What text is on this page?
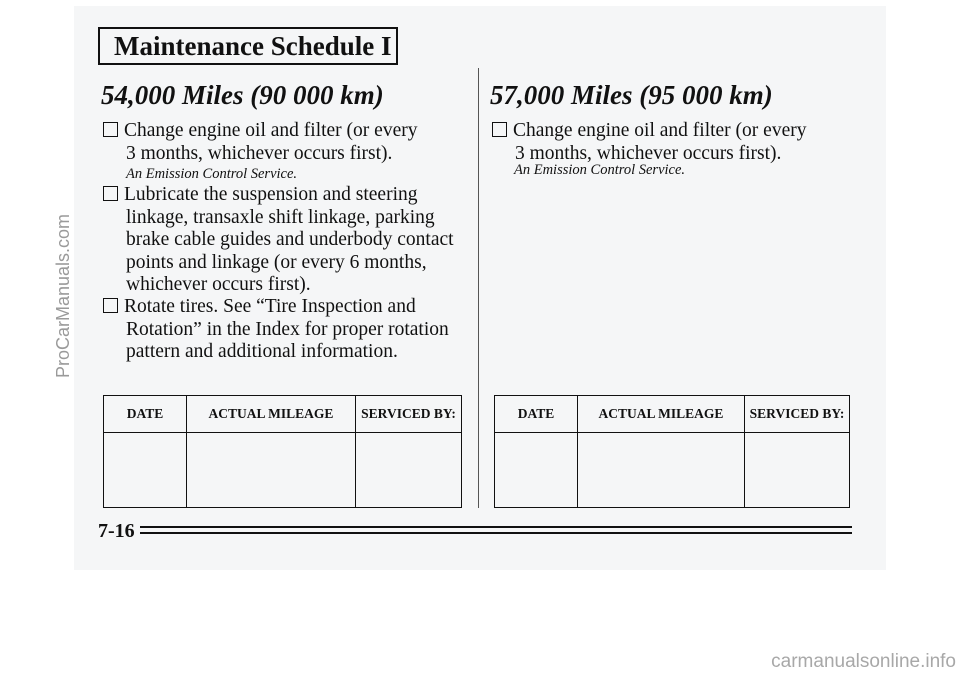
Maintenance Schedule I
54,000 Miles (90 000 km)
Change engine oil and filter (or every
3 months, whichever occurs first).
An Emission Control Service.
Lubricate the suspension and steering
linkage, transaxle shift linkage, parking
brake cable guides and underbody contact
points and linkage (or every 6 months,
whichever occurs first).
Rotate tires. See “Tire Inspection and
Rotation” in the Index for proper rotation
pattern and additional information.
DATE	ACTUAL MILEAGE	SERVICED BY:

57,000 Miles (95 000 km)
Change engine oil and filter (or every
3 months, whichever occurs first).
An Emission Control Service.
DATE	ACTUAL MILEAGE	SERVICED BY:

7-16
ProCarManuals.com
carmanualsonline.info
